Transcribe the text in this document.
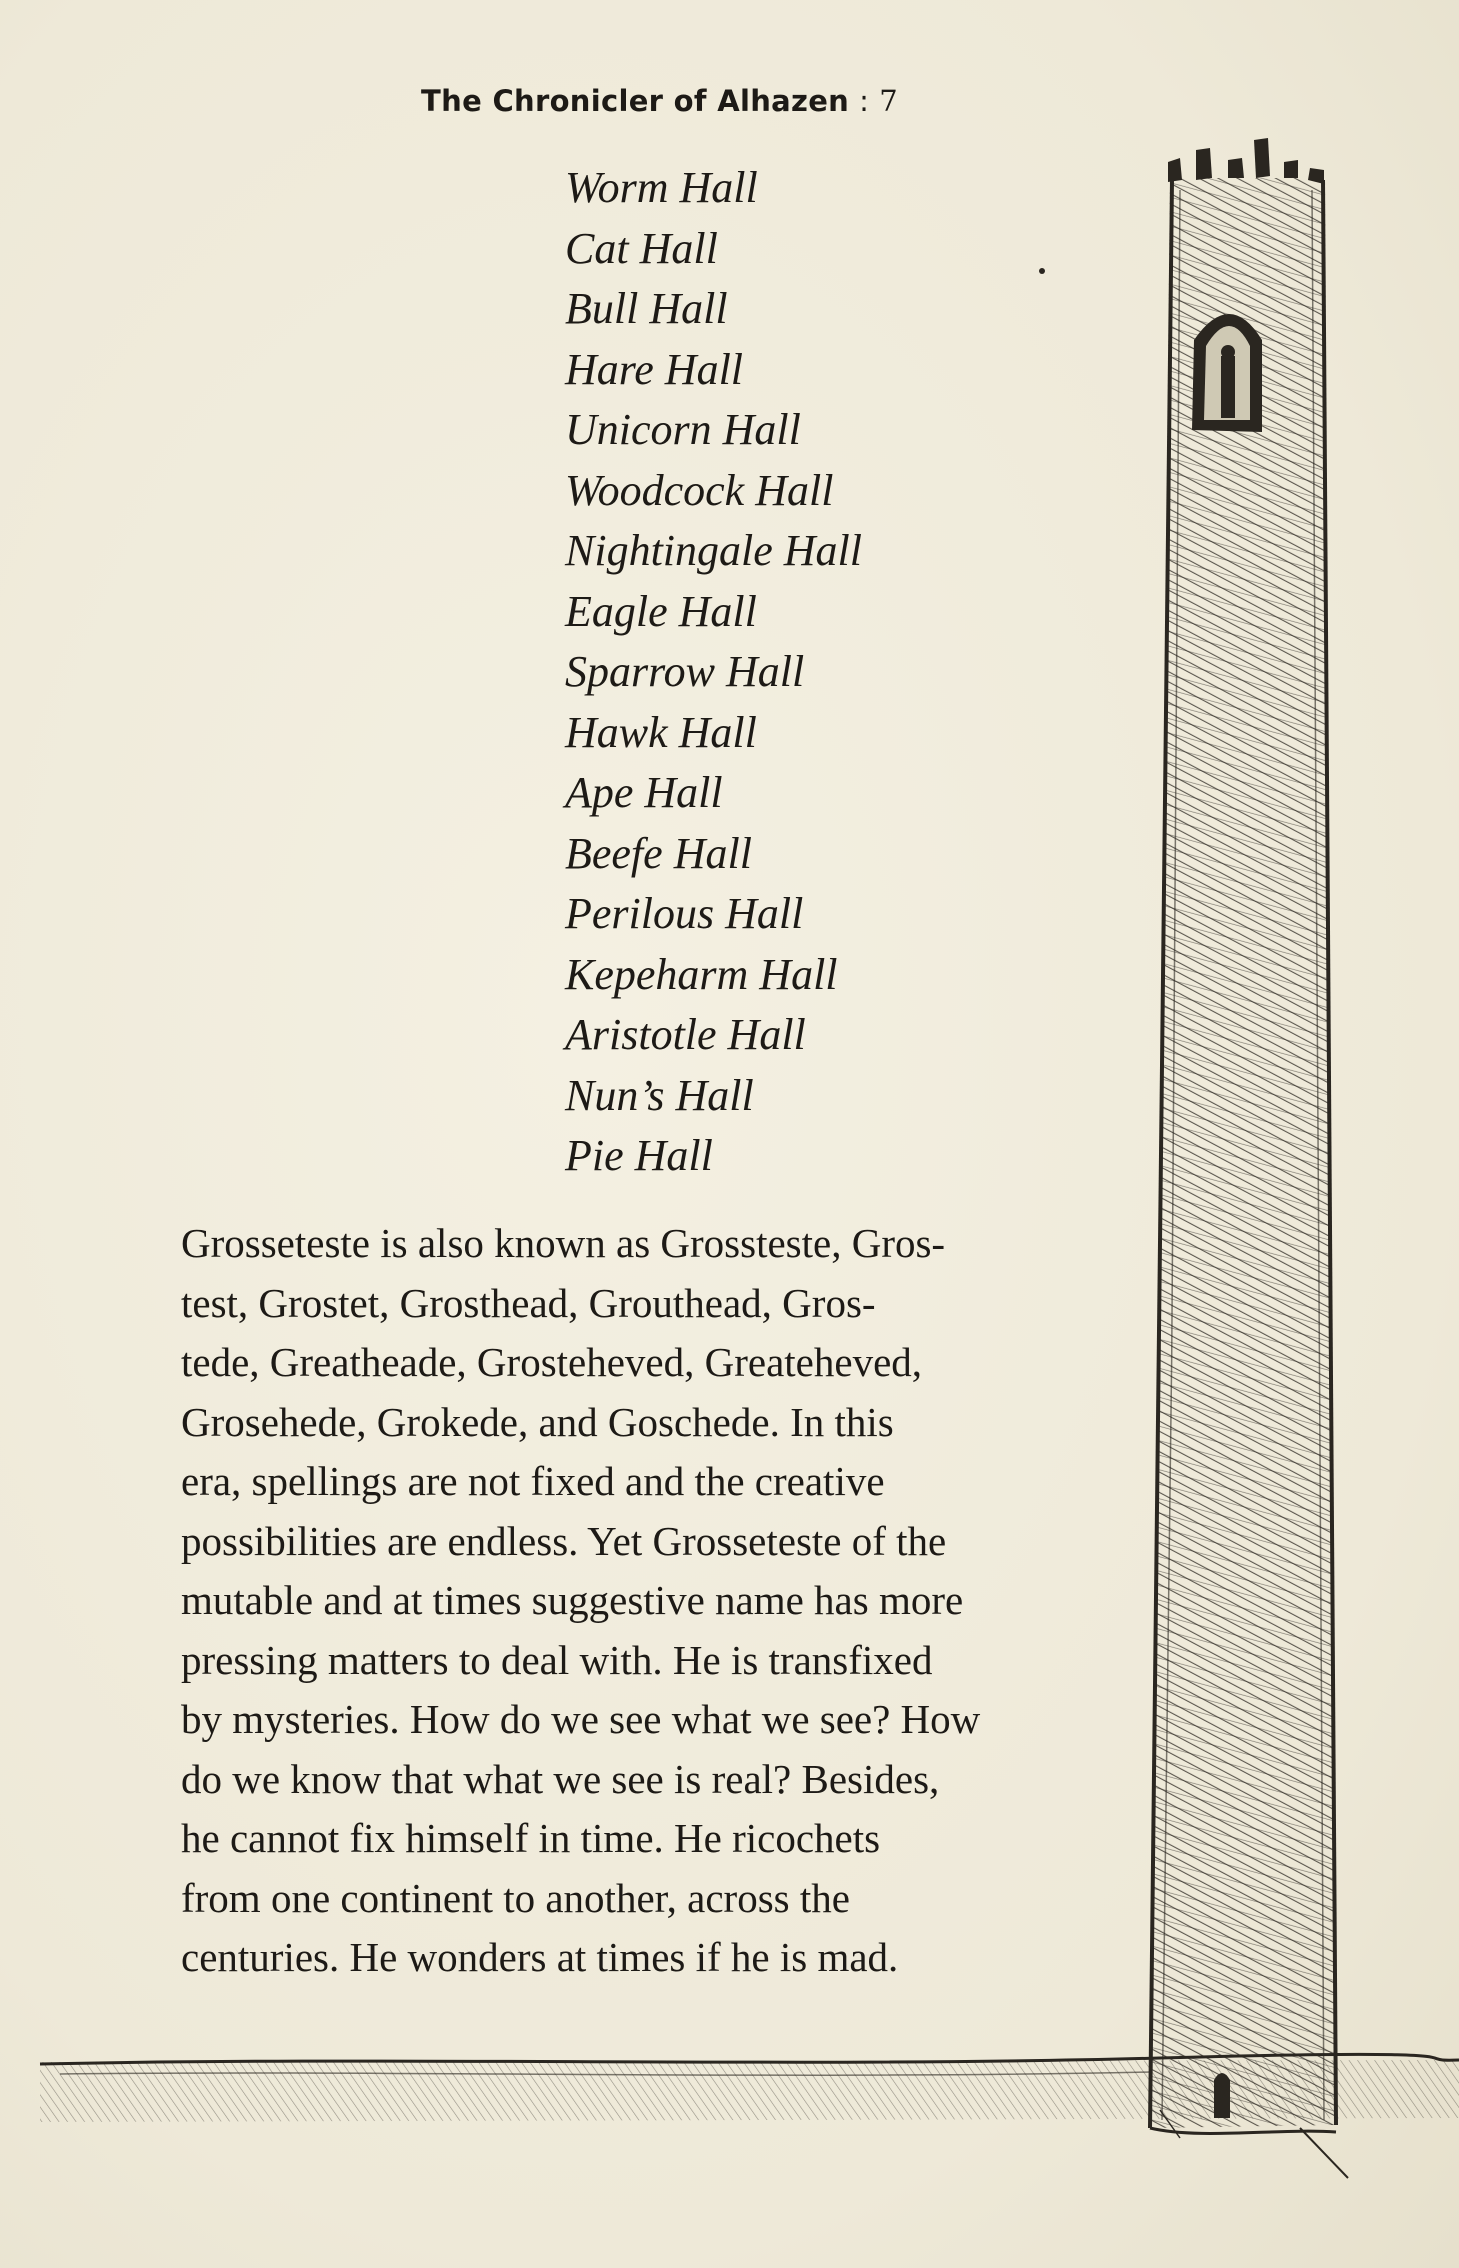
The Chronicler of Alhazen : 7
Worm Hall
Cat Hall
Bull Hall
Hare Hall
Unicorn Hall
Woodcock Hall
Nightingale Hall
Eagle Hall
Sparrow Hall
Hawk Hall
Ape Hall
Beefe Hall
Perilous Hall
Kepeharm Hall
Aristotle Hall
Nun’s Hall
Pie Hall

Grosseteste is also known as Grossteste, Gros-
test, Grostet, Grosthead, Grouthead, Gros-
tede, Greatheade, Grosteheved, Greateheved,
Grosehede, Grokede, and Goschede. In this
era, spellings are not fixed and the creative
possibilities are endless. Yet Grosseteste of the
mutable and at times suggestive name has more
pressing matters to deal with. He is transfixed
by mysteries. How do we see what we see? How
do we know that what we see is real? Besides,
he cannot fix himself in time. He ricochets
from one continent to another, across the
centuries. He wonders at times if he is mad.
